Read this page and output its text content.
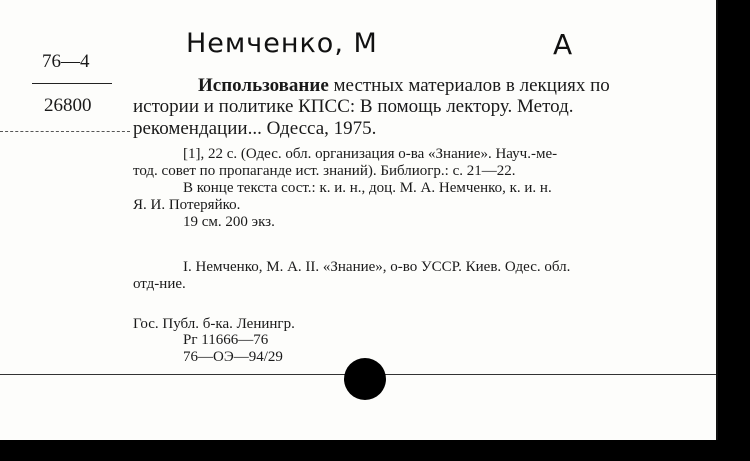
Немченко, М	А
76—4
26800
Использование местных материалов в лекциях по
истории и политике КПСС: В помощь лектору. Метод.
рекомендации... Одесса, 1975.
[1], 22 с. (Одес. обл. организация о-ва «Знание». Науч.-ме-
тод. совет по пропаганде ист. знаний). Библиогр.: с. 21—22.
В конце текста сост.: к. и. н., доц. М. А. Немченко, к. и. н.
Я. И. Потеряйко.
19 см. 200 экз.
I. Немченко, М. А. II. «Знание», о-во УССР. Киев. Одес. обл.
отд-ние.
Гос. Публ. б-ка. Ленингр.
Рг 11666—76
76—ОЭ—94/29
